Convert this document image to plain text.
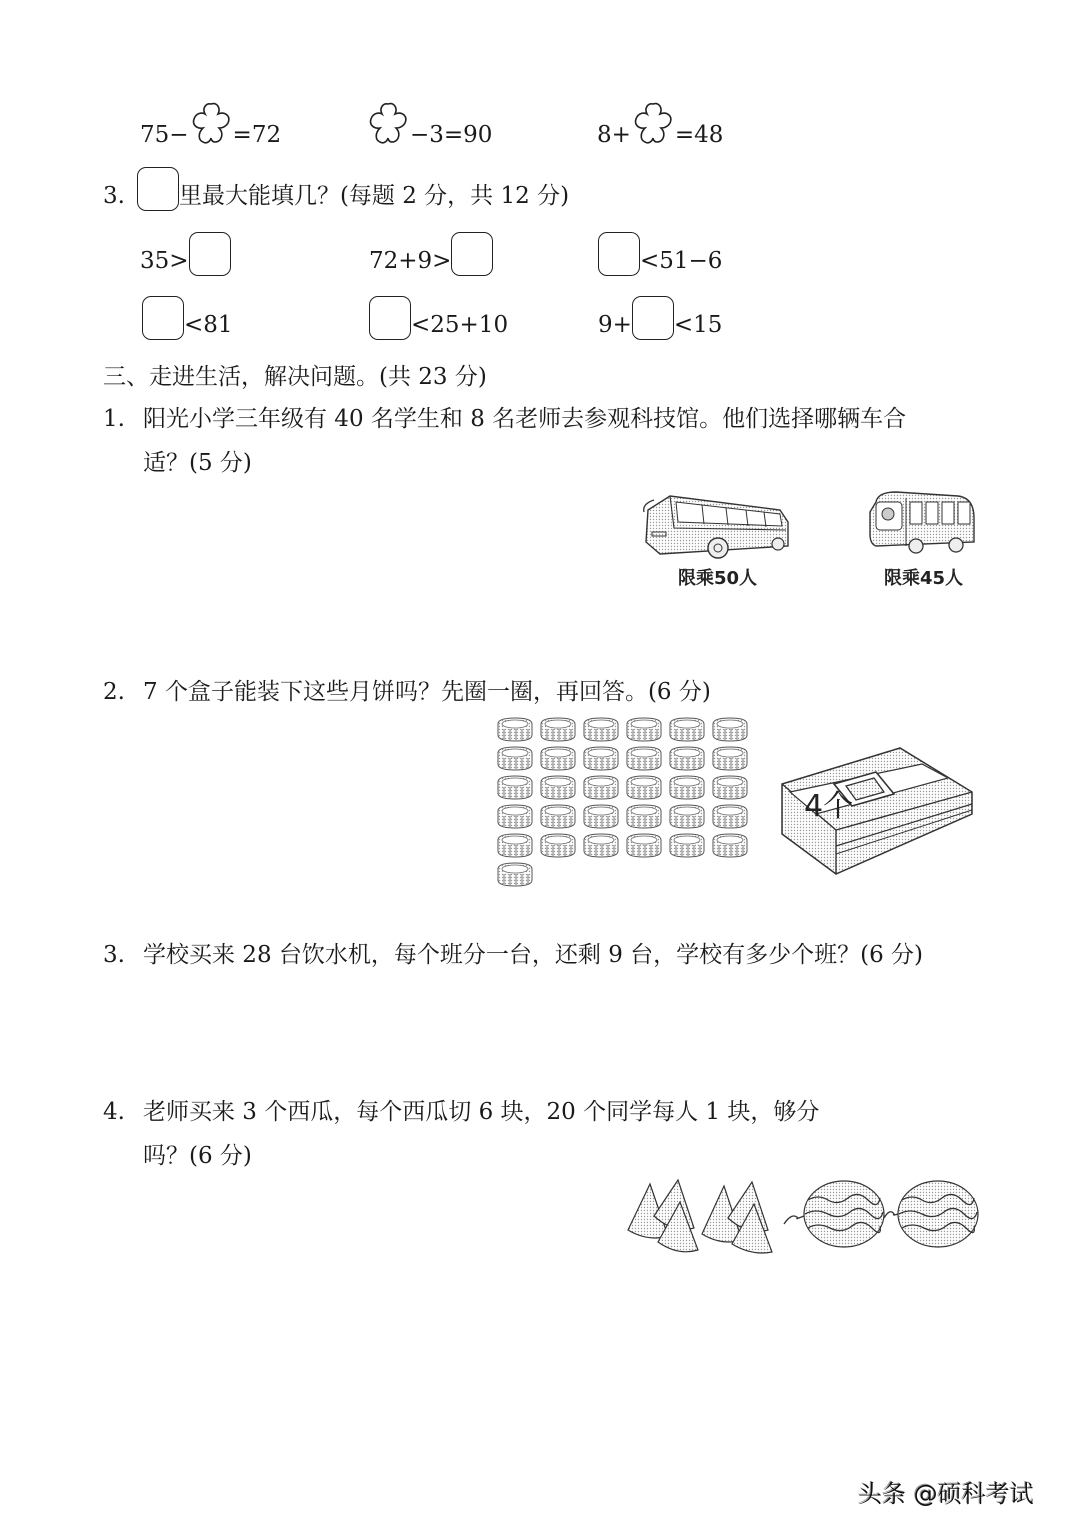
75− =72	−3=90	8+ =48
3. 里最大能填几？(每题 2 分，共 12 分)
35>	72+9>	<51−6
<81	<25+10	9+ <15
三、走进生活，解决问题。(共 23 分)
1. 阳光小学三年级有 40 名学生和 8 名老师去参观科技馆。他们选择哪辆车合
适？(5 分)
限乘50人	限乘45人
2. 7 个盒子能装下这些月饼吗？先圈一圈，再回答。(6 分)
4个
3. 学校买来 28 台饮水机，每个班分一台，还剩 9 台，学校有多少个班？(6 分)
4. 老师买来 3 个西瓜，每个西瓜切 6 块，20 个同学每人 1 块，够分
吗？(6 分)
头条 @硕科考试
